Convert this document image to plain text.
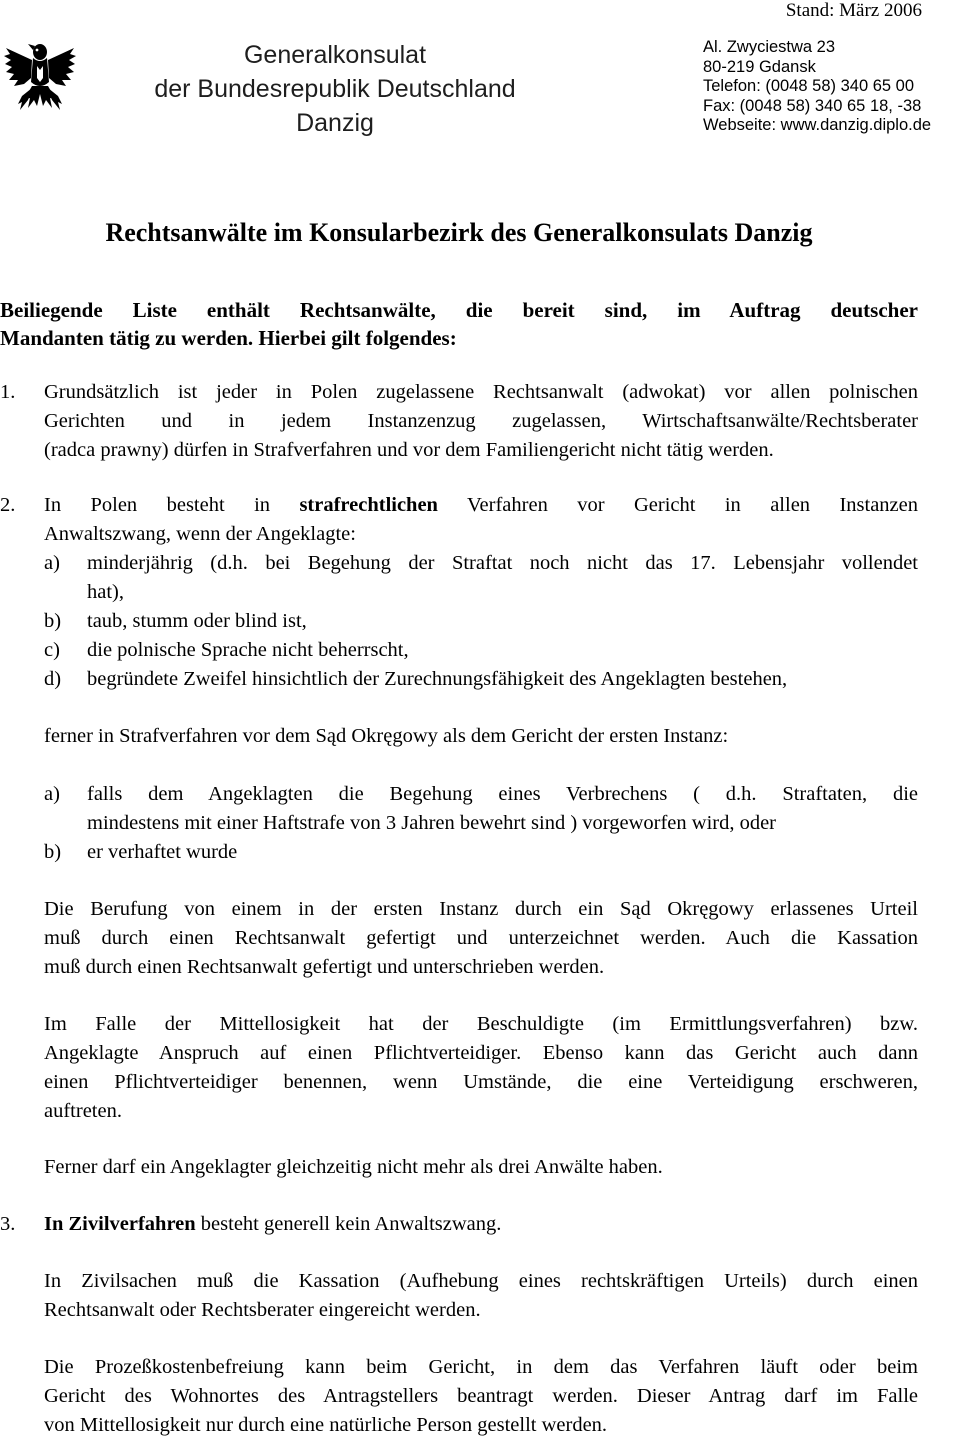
Stand: März 2006
Generalkonsulat
der Bundesrepublik Deutschland
Danzig
Al. Zwyciestwa 23
80-219 Gdansk
Telefon: (0048 58) 340 65 00
Fax: (0048 58) 340 65 18, -38
Webseite: www.danzig.diplo.de
Rechtsanwälte im Konsularbezirk des Generalkonsulats Danzig
Beiliegende Liste enthält Rechtsanwälte, die bereit sind, im Auftrag deutscher
Mandanten tätig zu werden. Hierbei gilt folgendes:
1. Grundsätzlich ist jeder in Polen zugelassene Rechtsanwalt (adwokat) vor allen polnischen
Gerichten und in jedem Instanzenzug zugelassen, Wirtschaftsanwälte/Rechtsberater
(radca prawny) dürfen in Strafverfahren und vor dem Familiengericht nicht tätig werden.
2. In Polen besteht in strafrechtlichen Verfahren vor Gericht in allen Instanzen
Anwaltszwang, wenn der Angeklagte:
a) minderjährig (d.h. bei Begehung der Straftat noch nicht das 17. Lebensjahr vollendet
hat),
b) taub, stumm oder blind ist,
c) die polnische Sprache nicht beherrscht,
d) begründete Zweifel hinsichtlich der Zurechnungsfähigkeit des Angeklagten bestehen,
ferner in Strafverfahren vor dem Sąd Okręgowy als dem Gericht der ersten Instanz:
a) falls dem Angeklagten die Begehung eines Verbrechens ( d.h. Straftaten, die
mindestens mit einer Haftstrafe von 3 Jahren bewehrt sind ) vorgeworfen wird, oder
b) er verhaftet wurde
Die Berufung von einem in der ersten Instanz durch ein Sąd Okręgowy erlassenes Urteil
muß durch einen Rechtsanwalt gefertigt und unterzeichnet werden. Auch die Kassation
muß durch einen Rechtsanwalt gefertigt und unterschrieben werden.
Im Falle der Mittellosigkeit hat der Beschuldigte (im Ermittlungsverfahren) bzw.
Angeklagte Anspruch auf einen Pflichtverteidiger. Ebenso kann das Gericht auch dann
einen Pflichtverteidiger benennen, wenn Umstände, die eine Verteidigung erschweren,
auftreten.
Ferner darf ein Angeklagter gleichzeitig nicht mehr als drei Anwälte haben.
3. In Zivilverfahren besteht generell kein Anwaltszwang.
In Zivilsachen muß die Kassation (Aufhebung eines rechtskräftigen Urteils) durch einen
Rechtsanwalt oder Rechtsberater eingereicht werden.
Die Prozeßkostenbefreiung kann beim Gericht, in dem das Verfahren läuft oder beim
Gericht des Wohnortes des Antragstellers beantragt werden. Dieser Antrag darf im Falle
von Mittellosigkeit nur durch eine natürliche Person gestellt werden.
